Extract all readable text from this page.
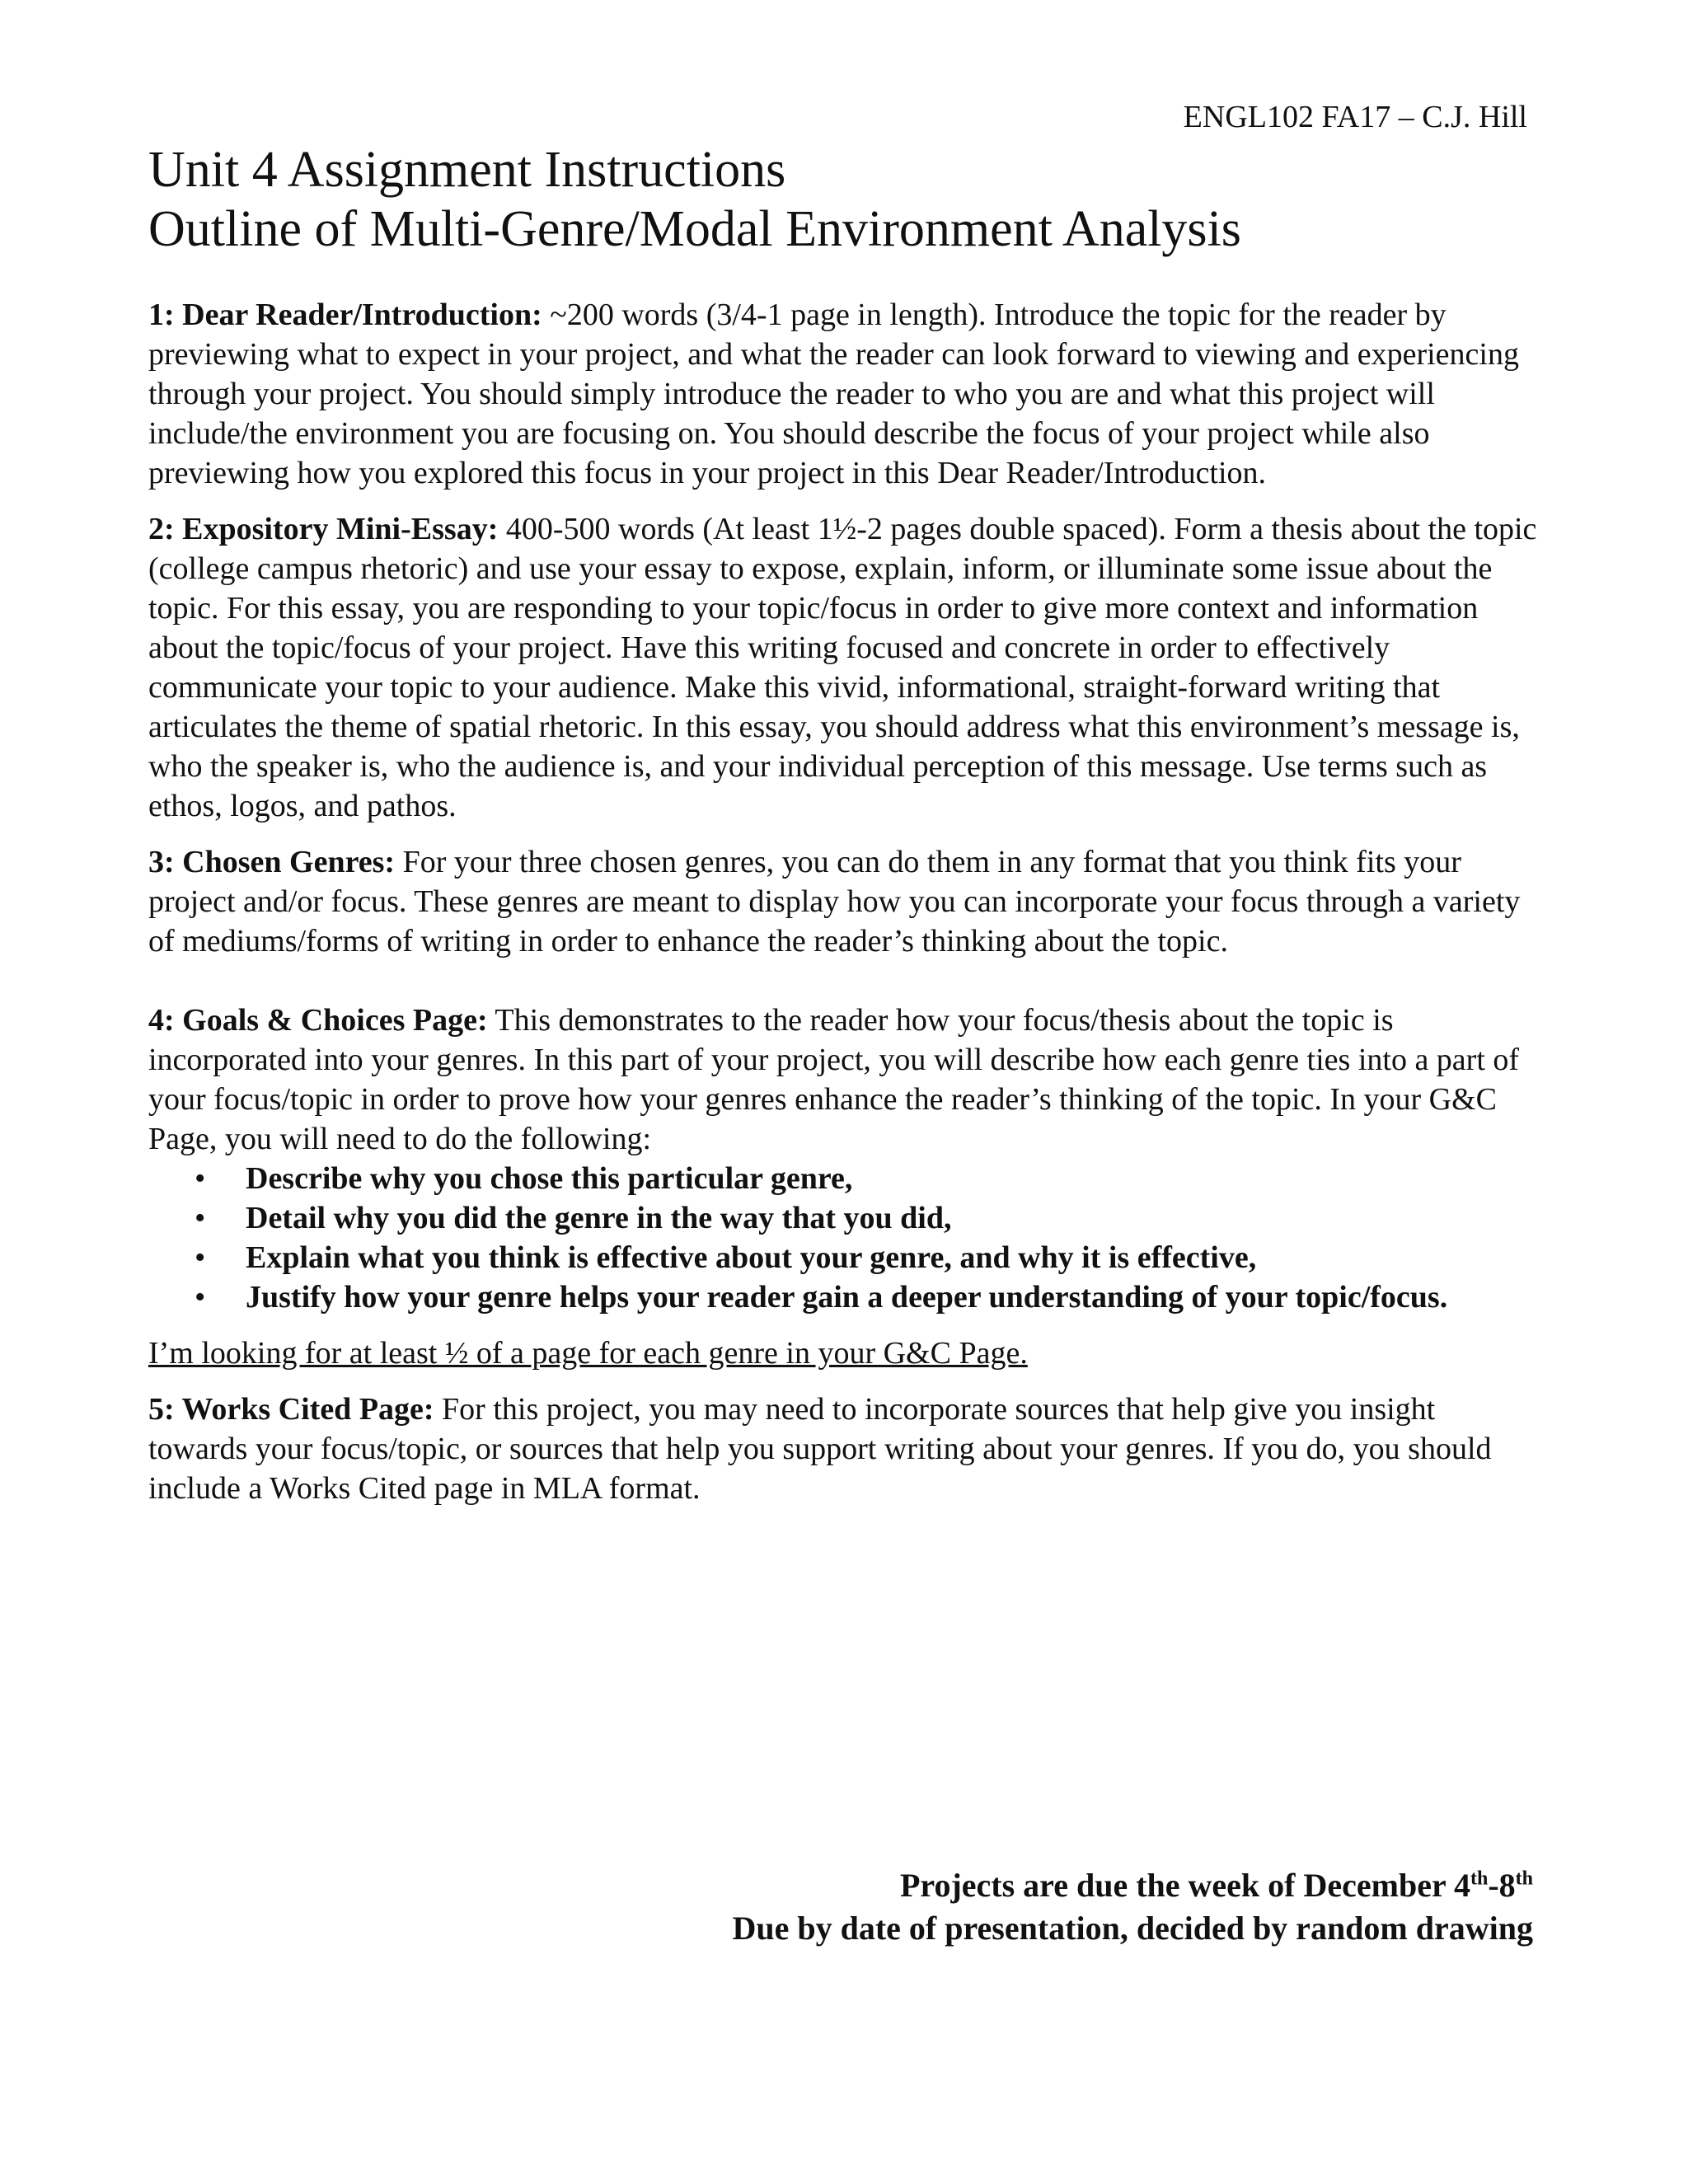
ENGL102 FA17 – C.J. Hill
Unit 4 Assignment Instructions
Outline of Multi-Genre/Modal Environment Analysis

1: Dear Reader/Introduction: ~200 words (3/4-1 page in length). Introduce the topic for the reader by previewing what to expect in your project, and what the reader can look forward to viewing and experiencing through your project. You should simply introduce the reader to who you are and what this project will include/the environment you are focusing on. You should describe the focus of your project while also previewing how you explored this focus in your project in this Dear Reader/Introduction.

2: Expository Mini-Essay: 400-500 words (At least 1½-2 pages double spaced). Form a thesis about the topic (college campus rhetoric) and use your essay to expose, explain, inform, or illuminate some issue about the topic. For this essay, you are responding to your topic/focus in order to give more context and information about the topic/focus of your project. Have this writing focused and concrete in order to effectively communicate your topic to your audience. Make this vivid, informational, straight-forward writing that articulates the theme of spatial rhetoric. In this essay, you should address what this environment’s message is, who the speaker is, who the audience is, and your individual perception of this message. Use terms such as ethos, logos, and pathos.

3: Chosen Genres: For your three chosen genres, you can do them in any format that you think fits your project and/or focus. These genres are meant to display how you can incorporate your focus through a variety of mediums/forms of writing in order to enhance the reader’s thinking about the topic.

4: Goals & Choices Page: This demonstrates to the reader how your focus/thesis about the topic is incorporated into your genres. In this part of your project, you will describe how each genre ties into a part of your focus/topic in order to prove how your genres enhance the reader’s thinking of the topic. In your G&C Page, you will need to do the following:

• Describe why you chose this particular genre,
• Detail why you did the genre in the way that you did,
• Explain what you think is effective about your genre, and why it is effective,
• Justify how your genre helps your reader gain a deeper understanding of your topic/focus.

I’m looking for at least ½ of a page for each genre in your G&C Page.

5: Works Cited Page: For this project, you may need to incorporate sources that help give you insight towards your focus/topic, or sources that help you support writing about your genres. If you do, you should include a Works Cited page in MLA format.

Projects are due the week of December 4th-8th
Due by date of presentation, decided by random drawing
